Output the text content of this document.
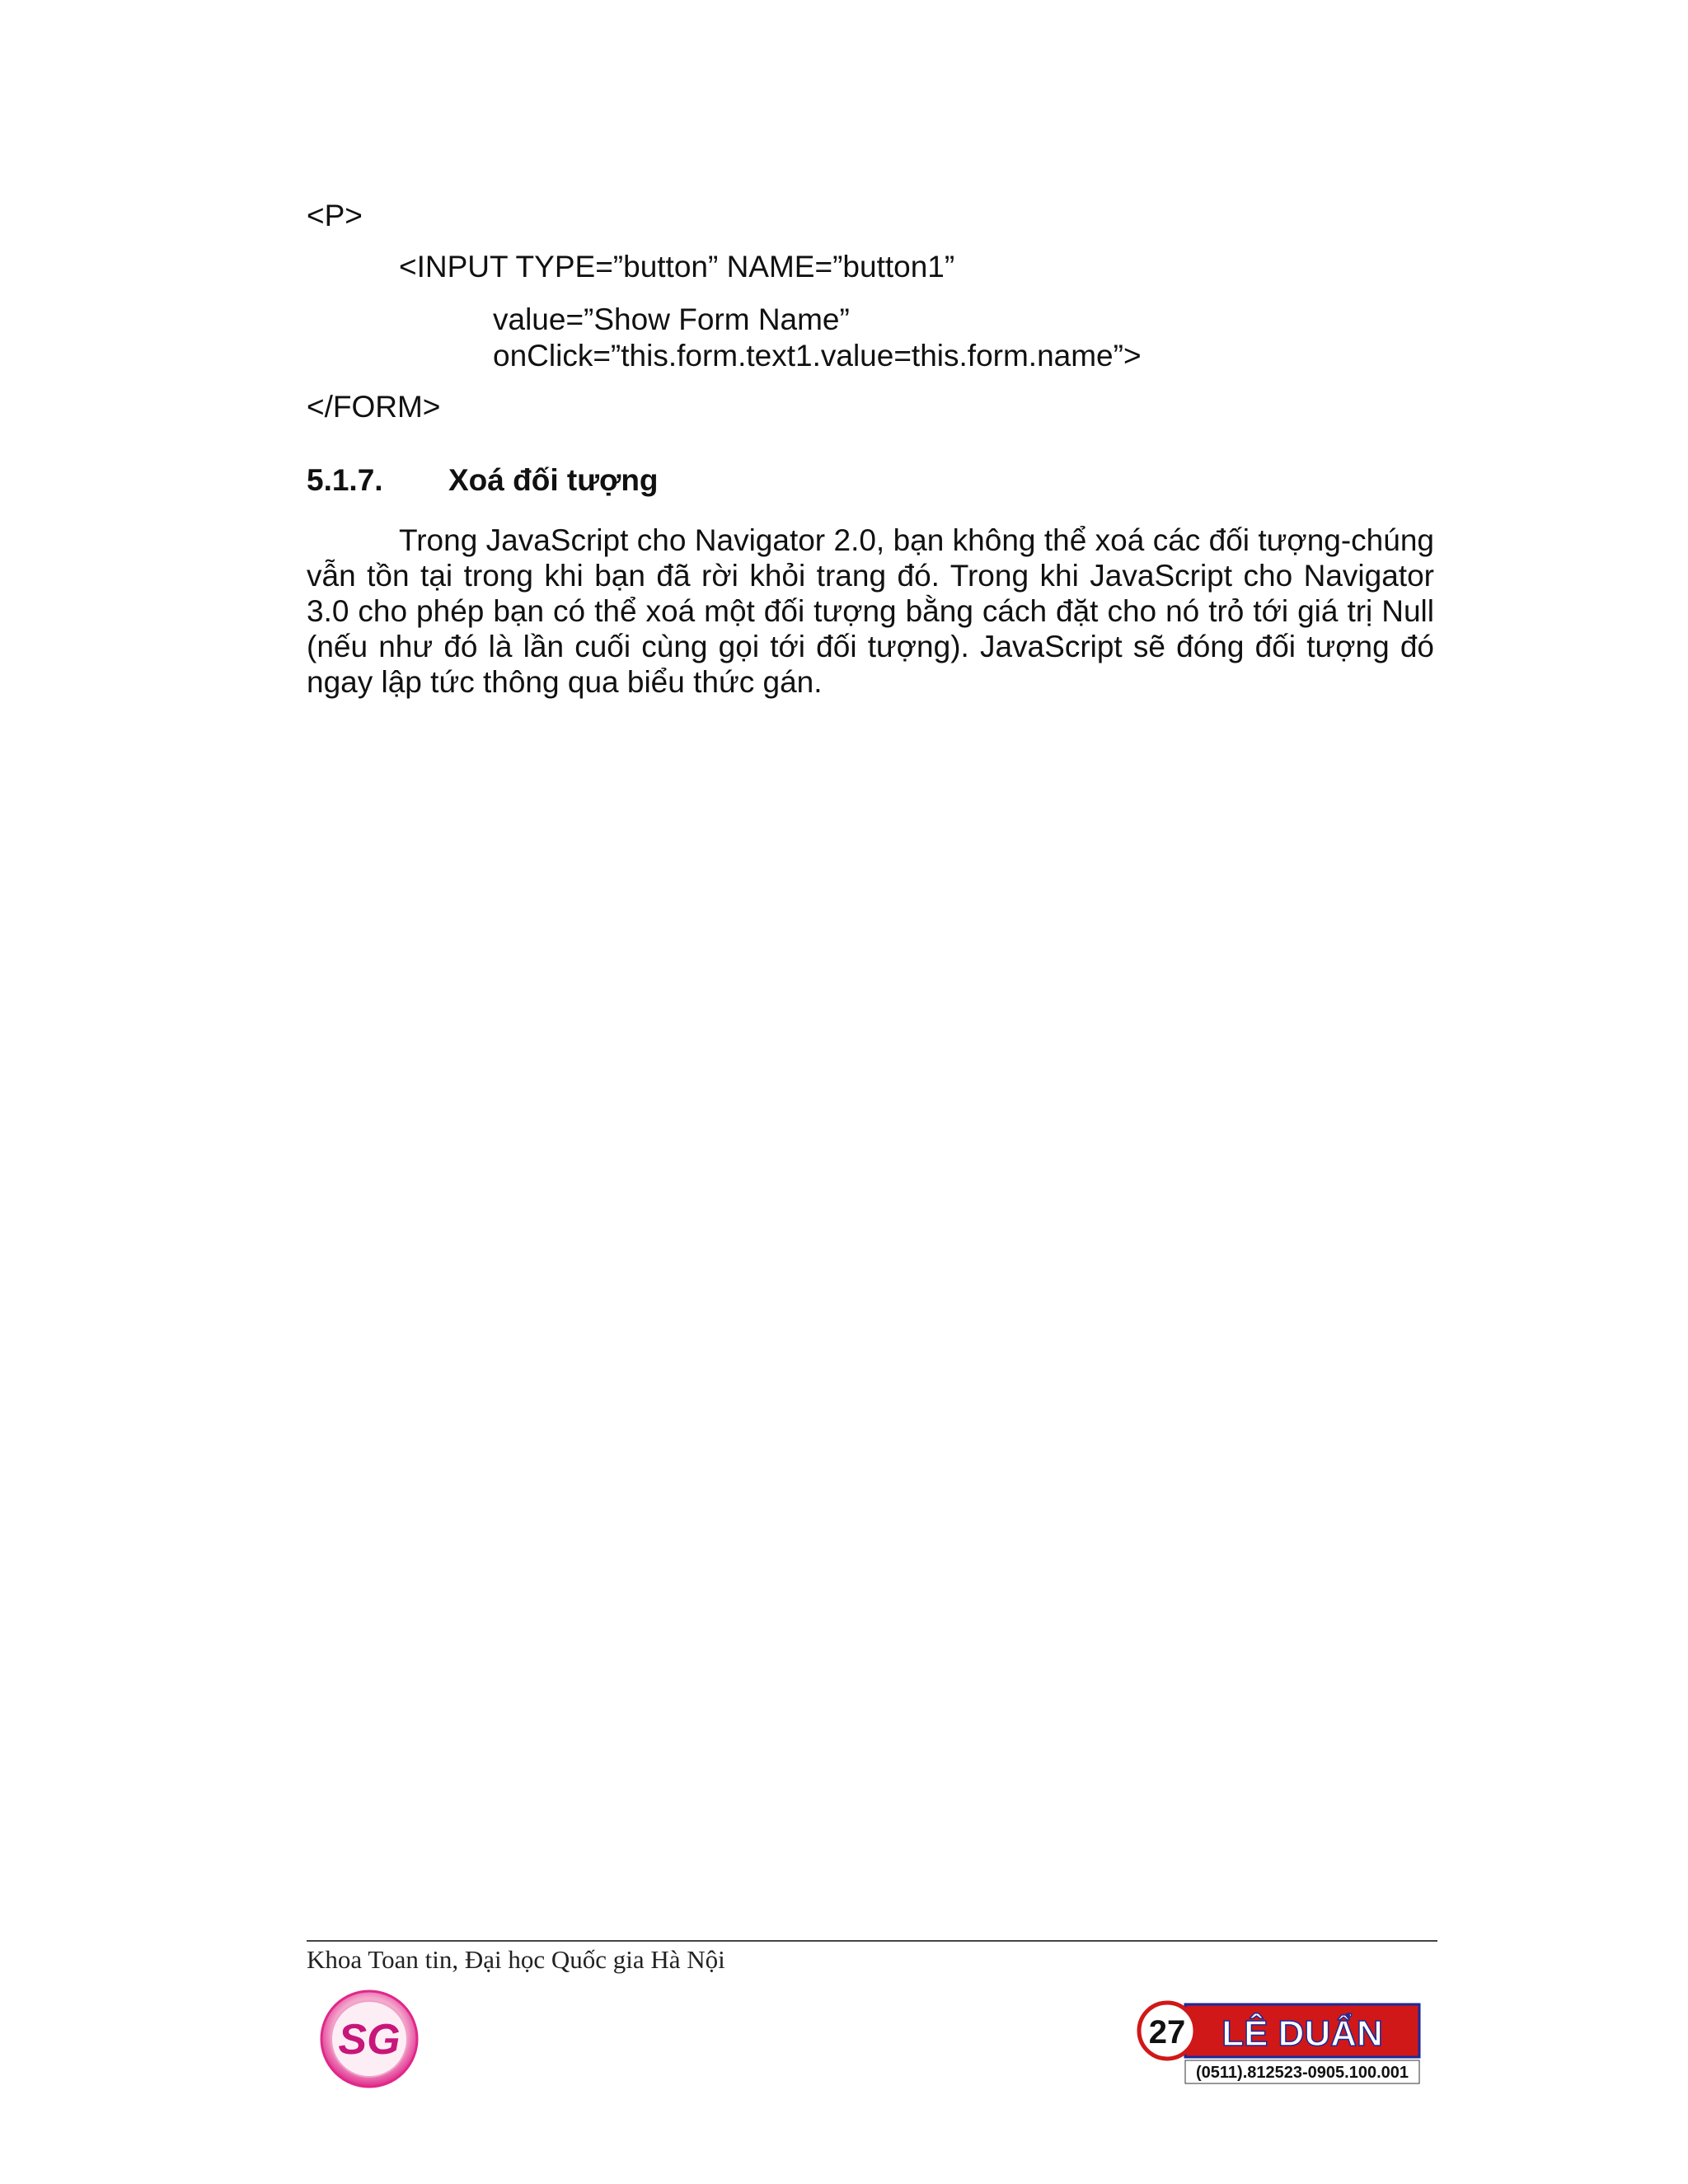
<P>
<INPUT TYPE=”button” NAME=”button1”
value=”Show Form Name”
onClick=”this.form.text1.value=this.form.name”>
</FORM>
5.1.7. Xoá đối tượng
Trong JavaScript cho Navigator 2.0, bạn không thể xoá các đối tượng-chúng vẫn tồn tại trong khi bạn đã rời khỏi trang đó. Trong khi JavaScript cho Navigator 3.0 cho phép bạn có thể xoá một đối tượng bằng cách đặt cho nó trỏ tới giá trị Null (nếu như đó là lần cuối cùng gọi tới đối tượng). JavaScript sẽ đóng đối tượng đó ngay lập tức thông qua biểu thức gán.
Khoa Toan tin, Đại học Quốc gia Hà Nội
SG	27 LÊ DUẨN
(0511).812523-0905.100.001
